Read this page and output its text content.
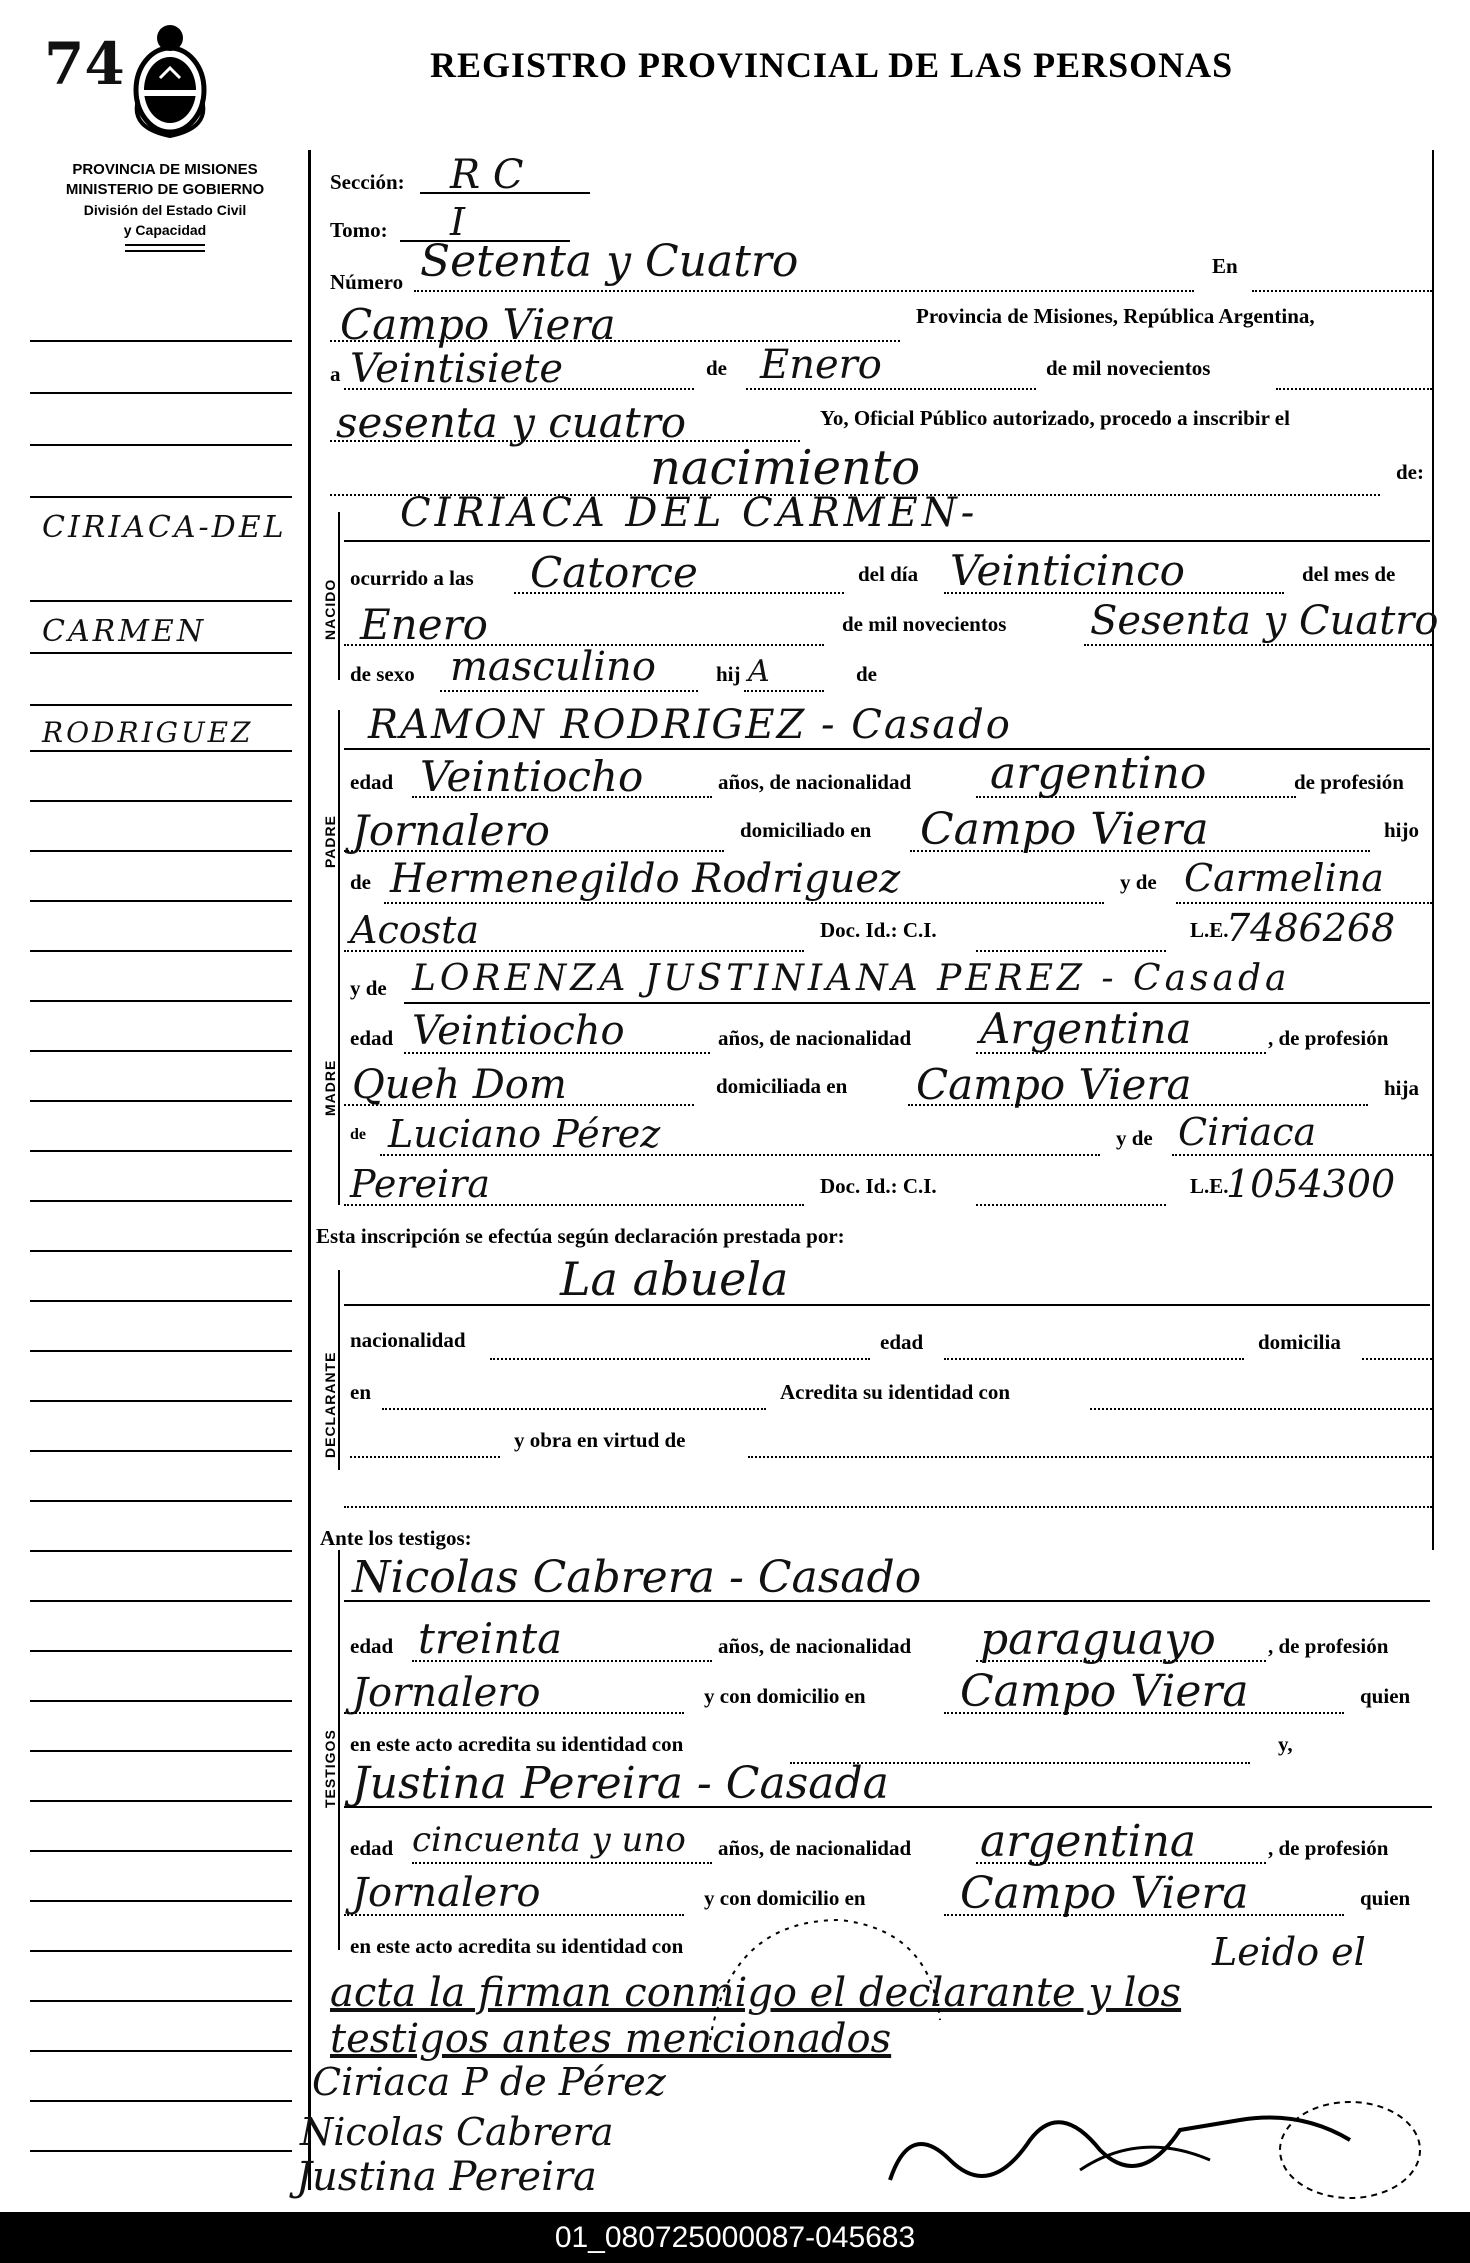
74	REGISTRO PROVINCIAL DE LAS PERSONAS
PROVINCIA DE MISIONES
MINISTERIO DE GOBIERNO
División del Estado Civil
y Capacidad
CIRIACA-DEL
CARMEN
RODRIGUEZ
NACIDO
PADRE
MADRE
DECLARANTE
TESTIGOS
Sección: R C
Tomo: I
Número Setenta y Cuatro	En
Campo Viera	Provincia de Misiones, República Argentina,
a Veintisiete	de Enero	de mil novecientos
sesenta y cuatro	Yo, Oficial Público autorizado, procedo a inscribir el
nacimiento	de:
CIRIACA DEL CARMEN-
ocurrido a las Catorce	del día Veinticinco	del mes de
Enero	de mil novecientos Sesenta y Cuatro
de sexo masculino	hij A	de
RAMON RODRIGEZ - Casado
edad Veintiocho	años, de nacionalidad argentino	de profesión
Jornalero	domiciliado en Campo Viera	hijo
de Hermenegildo Rodriguez	y de Carmelina
Acosta	Doc. Id.: C.I.	L.E.
7486268
y de LORENZA JUSTINIANA PEREZ - Casada
edad Veintiocho	años, de nacionalidad Argentina	, de profesión
Queh Dom	domiciliada en Campo Viera	hija
de Luciano Pérez	y de Ciriaca
Pereira	Doc. Id.: C.I.	L.E.
1054300
Esta inscripción se efectúa según declaración prestada por:
La abuela
nacionalidad	edad	domicilia
en	Acredita su identidad con
y obra en virtud de
Ante los testigos:
Nicolas Cabrera - Casado
edad treinta	años, de nacionalidad paraguayo , de profesión
Jornalero	y con domicilio en Campo Viera	quien
en este acto acredita su identidad con	y,
Justina Pereira - Casada
edad cincuenta y uno años, de nacionalidad argentina	, de profesión
Jornalero	y con domicilio en Campo Viera	quien
en este acto acredita su identidad con	Leido el
acta la firman conmigo el declarante y los
testigos antes mencionados
Ciriaca P de Pérez
Nicolas Cabrera
Justina Pereira
01_080725000087-045683
